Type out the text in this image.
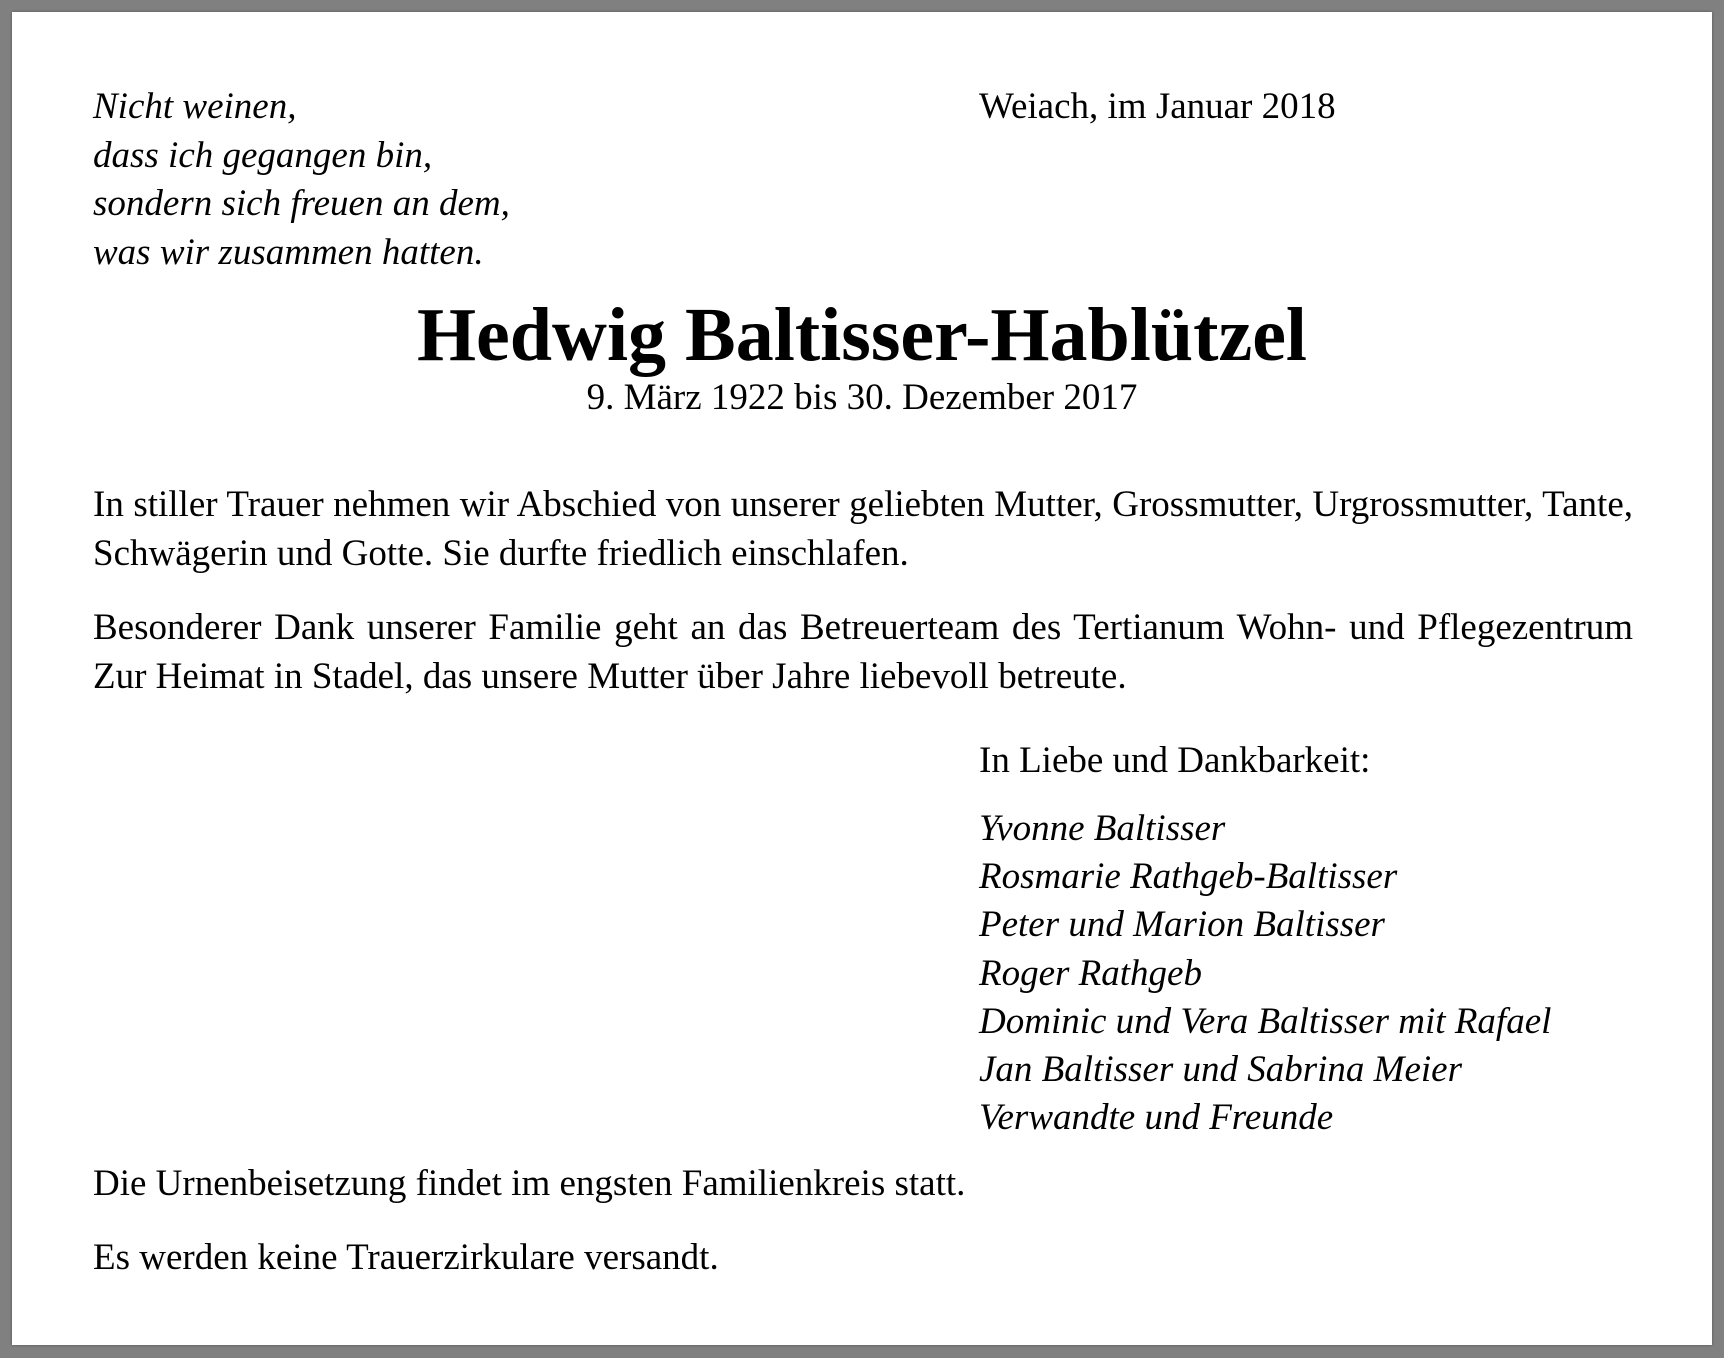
Nicht weinen,
dass ich gegangen bin,
sondern sich freuen an dem,
was wir zusammen hatten.
Weiach, im Januar 2018
Hedwig Baltisser-Hablützel
9. März 1922 bis 30. Dezember 2017

In stiller Trauer nehmen wir Abschied von unserer geliebten Mutter, Grossmutter, Urgrossmutter, Tante, Schwägerin und Gotte. Sie durfte friedlich einschlafen.

Besonderer Dank unserer Familie geht an das Betreuerteam des Tertianum Wohn- und Pflegezentrum Zur Heimat in Stadel, das unsere Mutter über Jahre liebevoll betreute.

In Liebe und Dankbarkeit:
Yvonne Baltisser
Rosmarie Rathgeb-Baltisser
Peter und Marion Baltisser
Roger Rathgeb
Dominic und Vera Baltisser mit Rafael
Jan Baltisser und Sabrina Meier
Verwandte und Freunde
Die Urnenbeisetzung findet im engsten Familienkreis statt.
Es werden keine Trauerzirkulare versandt.
